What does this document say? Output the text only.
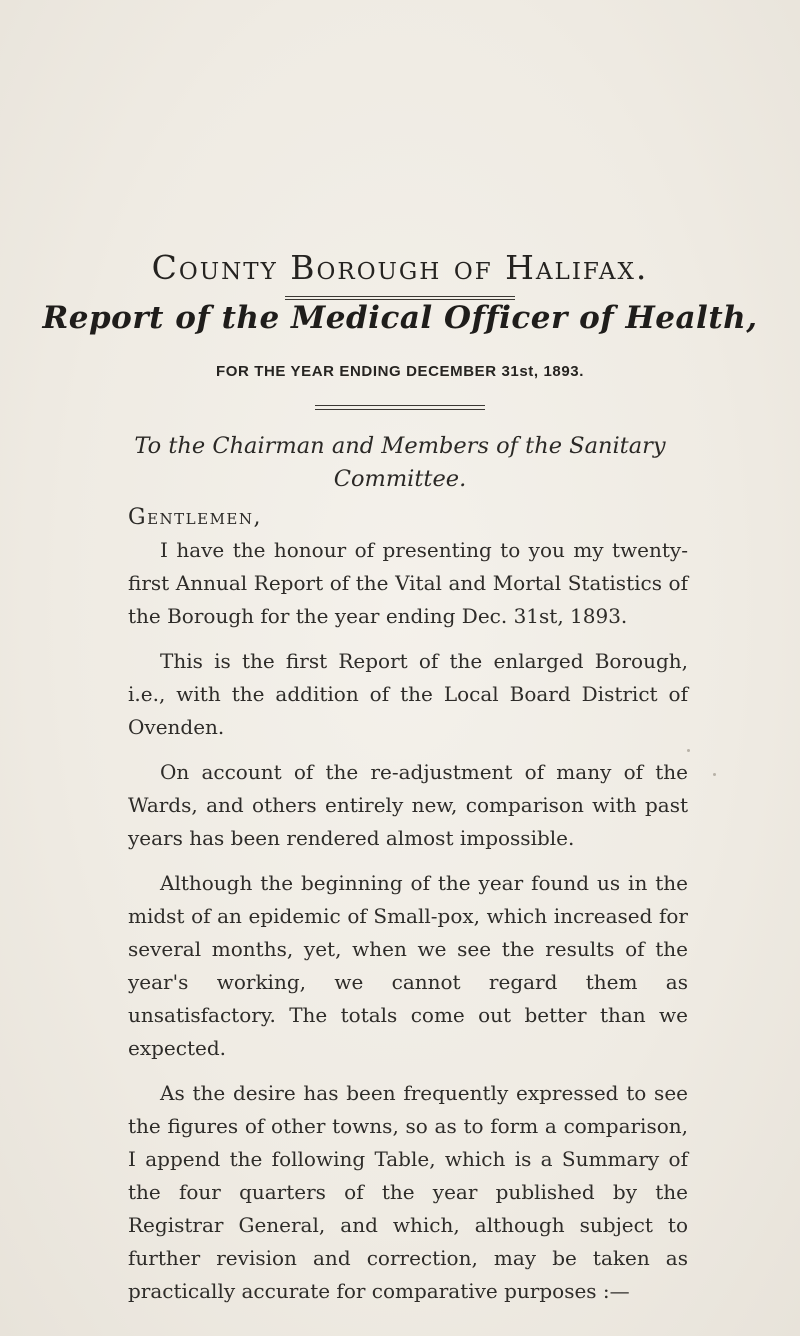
County Borough of Halifax.
Report of the Medical Officer of Health,
FOR THE YEAR ENDING DECEMBER 31st, 1893.
To the Chairman and Members of the Sanitary
Committee.
Gentlemen,

I have the honour of presenting to you my twenty-first Annual Report of the Vital and Mortal Statistics of the Borough for the year ending Dec. 31st, 1893.

This is the first Report of the enlarged Borough, i.e., with the addition of the Local Board District of Ovenden.

On account of the re-adjustment of many of the Wards, and others entirely new, comparison with past years has been rendered almost impossible.

Although the beginning of the year found us in the midst of an epidemic of Small-pox, which increased for several months, yet, when we see the results of the year's working, we cannot regard them as unsatisfactory. The totals come out better than we expected.

As the desire has been frequently expressed to see the figures of other towns, so as to form a comparison, I append the following Table, which is a Summary of the four quarters of the year published by the Registrar General, and which, although subject to further revision and correction, may be taken as practically accurate for comparative purposes :—
